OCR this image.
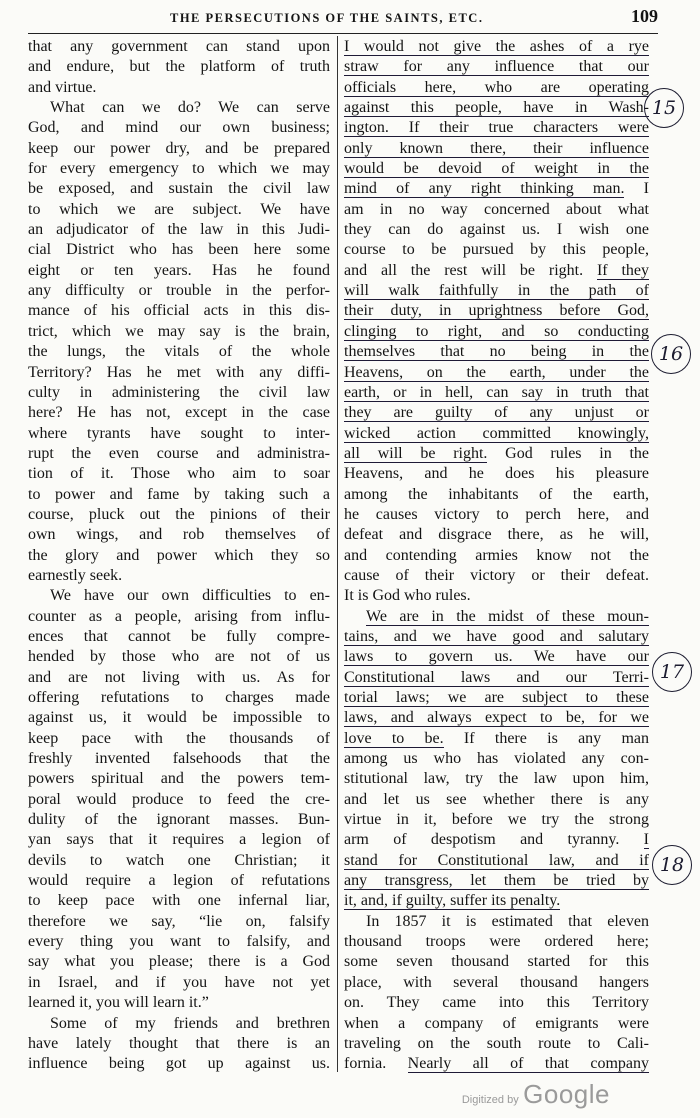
THE PERSECUTIONS OF THE SAINTS, ETC.	109
that any government can stand upon
and endure, but the platform of truth
and virtue.
What can we do? We can serve
God, and mind our own business;
keep our power dry, and be prepared
for every emergency to which we may
be exposed, and sustain the civil law
to which we are subject. We have
an adjudicator of the law in this Judi-
cial District who has been here some
eight or ten years. Has he found
any difficulty or trouble in the perfor-
mance of his official acts in this dis-
trict, which we may say is the brain,
the lungs, the vitals of the whole
Territory? Has he met with any diffi-
culty in administering the civil law
here? He has not, except in the case
where tyrants have sought to inter-
rupt the even course and administra-
tion of it. Those who aim to soar
to power and fame by taking such a
course, pluck out the pinions of their
own wings, and rob themselves of
the glory and power which they so
earnestly seek.
We have our own difficulties to en-
counter as a people, arising from influ-
ences that cannot be fully compre-
hended by those who are not of us
and are not living with us. As for
offering refutations to charges made
against us, it would be impossible to
keep pace with the thousands of
freshly invented falsehoods that the
powers spiritual and the powers tem-
poral would produce to feed the cre-
dulity of the ignorant masses. Bun-
yan says that it requires a legion of
devils to watch one Christian; it
would require a legion of refutations
to keep pace with one infernal liar,
therefore we say, “lie on, falsify
every thing you want to falsify, and
say what you please; there is a God
in Israel, and if you have not yet
learned it, you will learn it.”
Some of my friends and brethren
have lately thought that there is an
influence being got up against us.
I would not give the ashes of a rye
straw for any influence that our
officials here, who are operating
against this people, have in Wash-
ington. If their true characters were
only known there, their influence
would be devoid of weight in the
mind of any right thinking man. I
am in no way concerned about what
they can do against us. I wish one
course to be pursued by this people,
and all the rest will be right. If they
will walk faithfully in the path of
their duty, in uprightness before God,
clinging to right, and so conducting
themselves that no being in the
Heavens, on the earth, under the
earth, or in hell, can say in truth that
they are guilty of any unjust or
wicked action committed knowingly,
all will be right. God rules in the
Heavens, and he does his pleasure
among the inhabitants of the earth,
he causes victory to perch here, and
defeat and disgrace there, as he will,
and contending armies know not the
cause of their victory or their defeat.
It is God who rules.
We are in the midst of these moun-
tains, and we have good and salutary
laws to govern us. We have our
Constitutional laws and our Terri-
torial laws; we are subject to these
laws, and always expect to be, for we
love to be. If there is any man
among us who has violated any con-
stitutional law, try the law upon him,
and let us see whether there is any
virtue in it, before we try the strong
arm of despotism and tyranny. I
stand for Constitutional law, and if
any transgress, let them be tried by
it, and, if guilty, suffer its penalty.
In 1857 it is estimated that eleven
thousand troops were ordered here;
some seven thousand started for this
place, with several thousand hangers
on. They came into this Territory
when a company of emigrants were
traveling on the south route to Cali-
fornia. Nearly all of that company
15
16
17
18
Digitized by Google
